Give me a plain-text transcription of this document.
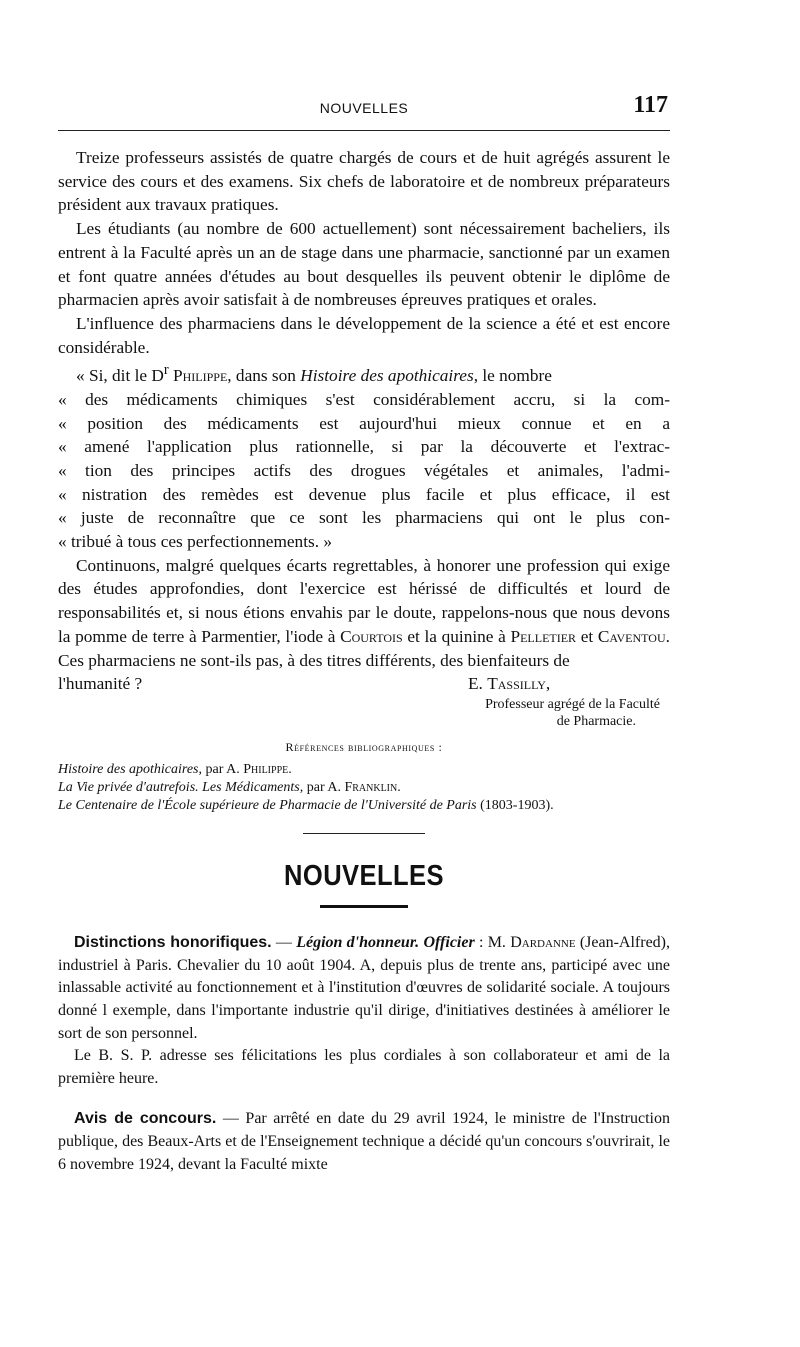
NOUVELLES	117

Treize professeurs assistés de quatre chargés de cours et de huit agrégés assurent le service des cours et des examens. Six chefs de laboratoire et de nombreux préparateurs président aux travaux pratiques.

Les étudiants (au nombre de 600 actuellement) sont nécessairement bacheliers, ils entrent à la Faculté après un an de stage dans une pharmacie, sanctionné par un examen et font quatre années d'études au bout desquelles ils peuvent obtenir le diplôme de pharmacien après avoir satisfait à de nombreuses épreuves pratiques et orales.

L'influence des pharmaciens dans le développement de la science a été et est encore considérable.

« Si, dit le $D^r$ Philippe, dans son Histoire des apothicaires, le nombre

« des médicaments chimiques s'est considérablement accru, si la com-

« position des médicaments est aujourd'hui mieux connue et en a

« amené l'application plus rationnelle, si par la découverte et l'extrac-

« tion des principes actifs des drogues végétales et animales, l'admi-

« nistration des remèdes est devenue plus facile et plus efficace, il est

« juste de reconnaître que ce sont les pharmaciens qui ont le plus con-

« tribué à tous ces perfectionnements. »

Continuons, malgré quelques écarts regrettables, à honorer une profession qui exige des études approfondies, dont l'exercice est hérissé de difficultés et lourd de responsabilités et, si nous étions envahis par le doute, rappelons-nous que nous devons la pomme de terre à Parmentier, l'iode à Courtois et la quinine à Pelletier et Caventou. Ces pharmaciens ne sont-ils pas, à des titres différents, des bienfaiteurs de

l'humanité ?	E. Tassilly,
Professeur agrégé de la Faculté
de Pharmacie.
Références bibliographiques :

Histoire des apothicaires, par A. Philippe.

La Vie privée d'autrefois. Les Médicaments, par A. Franklin.

Le Centenaire de l'École supérieure de Pharmacie de l'Université de Paris (1803-1903).

NOUVELLES

Distinctions honorifiques. — Légion d'honneur. Officier : M. Dardanne (Jean-Alfred), industriel à Paris. Chevalier du 10 août 1904. A, depuis plus de trente ans, participé avec une inlassable activité au fonctionnement et à l'institution d'œuvres de solidarité sociale. A toujours donné l exemple, dans l'importante industrie qu'il dirige, d'initiatives destinées à améliorer le sort de son personnel.

Le B. S. P. adresse ses félicitations les plus cordiales à son collaborateur et ami de la première heure.

Avis de concours. — Par arrêté en date du 29 avril 1924, le ministre de l'Instruction publique, des Beaux-Arts et de l'Enseignement technique a décidé qu'un concours s'ouvrirait, le 6 novembre 1924, devant la Faculté mixte
